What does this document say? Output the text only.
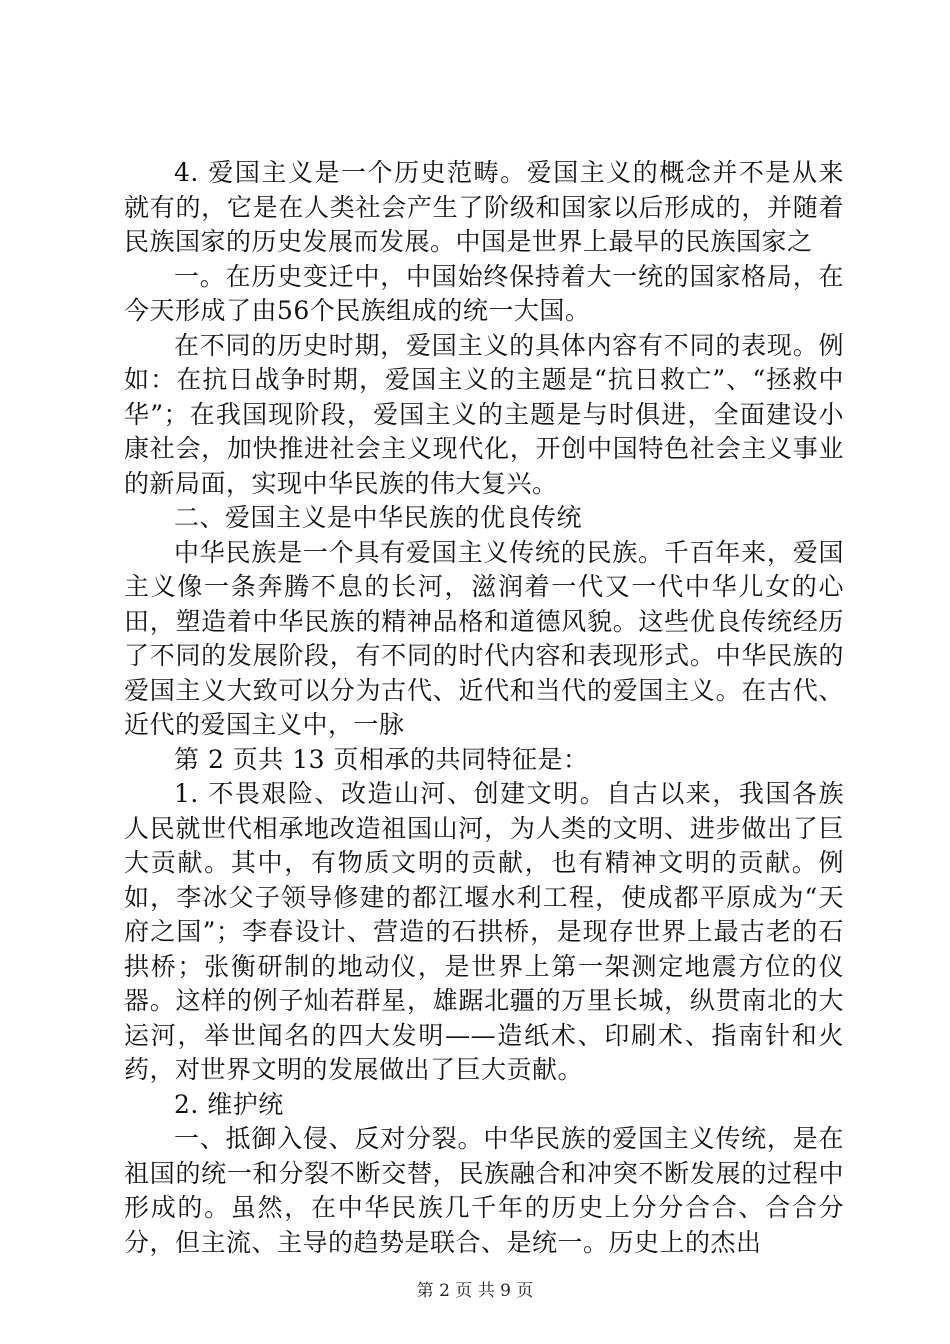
4. 爱国主义是一个历史范畴。爱国主义的概念并不是从来就有的，它是在人类社会产生了阶级和国家以后形成的，并随着民族国家的历史发展而发展。中国是世界上最早的民族国家之

一。在历史变迁中，中国始终保持着大一统的国家格局，在今天形成了由56个民族组成的统一大国。

在不同的历史时期，爱国主义的具体内容有不同的表现。例如：在抗日战争时期，爱国主义的主题是“抗日救亡”、“拯救中华”；在我国现阶段，爱国主义的主题是与时俱进，全面建设小康社会，加快推进社会主义现代化，开创中国特色社会主义事业的新局面，实现中华民族的伟大复兴。

二、爱国主义是中华民族的优良传统

中华民族是一个具有爱国主义传统的民族。千百年来，爱国主义像一条奔腾不息的长河，滋润着一代又一代中华儿女的心田，塑造着中华民族的精神品格和道德风貌。这些优良传统经历了不同的发展阶段，有不同的时代内容和表现形式。中华民族的爱国主义大致可以分为古代、近代和当代的爱国主义。在古代、近代的爱国主义中，一脉

第 2 页共 13 页相承的共同特征是：

1. 不畏艰险、改造山河、创建文明。自古以来，我国各族人民就世代相承地改造祖国山河，为人类的文明、进步做出了巨大贡献。其中，有物质文明的贡献，也有精神文明的贡献。例如，李冰父子领导修建的都江堰水利工程，使成都平原成为“天府之国”；李春设计、营造的石拱桥，是现存世界上最古老的石拱桥；张衡研制的地动仪，是世界上第一架测定地震方位的仪器。这样的例子灿若群星，雄踞北疆的万里长城，纵贯南北的大运河，举世闻名的四大发明——造纸术、印刷术、指南针和火药，对世界文明的发展做出了巨大贡献。

2. 维护统

一、抵御入侵、反对分裂。中华民族的爱国主义传统，是在祖国的统一和分裂不断交替，民族融合和冲突不断发展的过程中形成的。虽然，在中华民族几千年的历史上分分合合、合合分分，但主流、主导的趋势是联合、是统一。历史上的杰出

第 2 页 共 9 页
